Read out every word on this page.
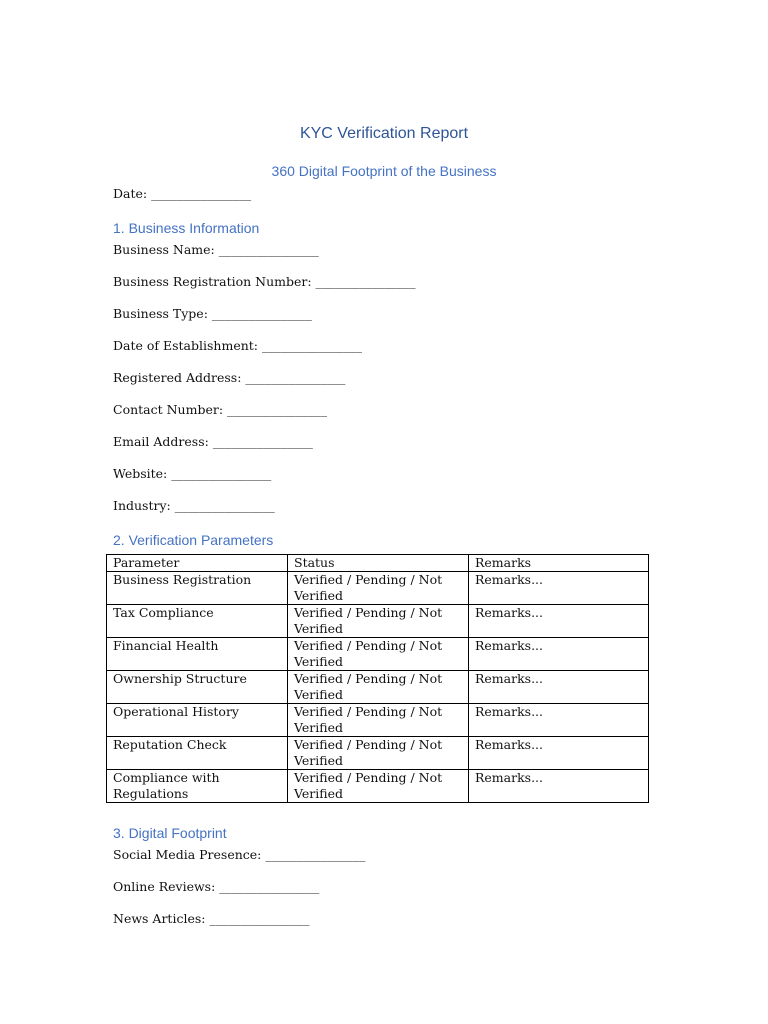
KYC Verification Report
360 Digital Footprint of the Business
Date: ________________
1. Business Information
Business Name: ________________
Business Registration Number: ________________
Business Type: ________________
Date of Establishment: ________________
Registered Address: ________________
Contact Number: ________________
Email Address: ________________
Website: ________________
Industry: ________________
2. Verification Parameters
Parameter	Status	Remarks
Business Registration	Verified / Pending / Not Verified	Remarks...
Tax Compliance	Verified / Pending / Not Verified	Remarks...
Financial Health	Verified / Pending / Not Verified	Remarks...
Ownership Structure	Verified / Pending / Not Verified	Remarks...
Operational History	Verified / Pending / Not Verified	Remarks...
Reputation Check	Verified / Pending / Not Verified	Remarks...
Compliance with Regulations	Verified / Pending / Not Verified	Remarks...
3. Digital Footprint
Social Media Presence: ________________
Online Reviews: ________________
News Articles: ________________
